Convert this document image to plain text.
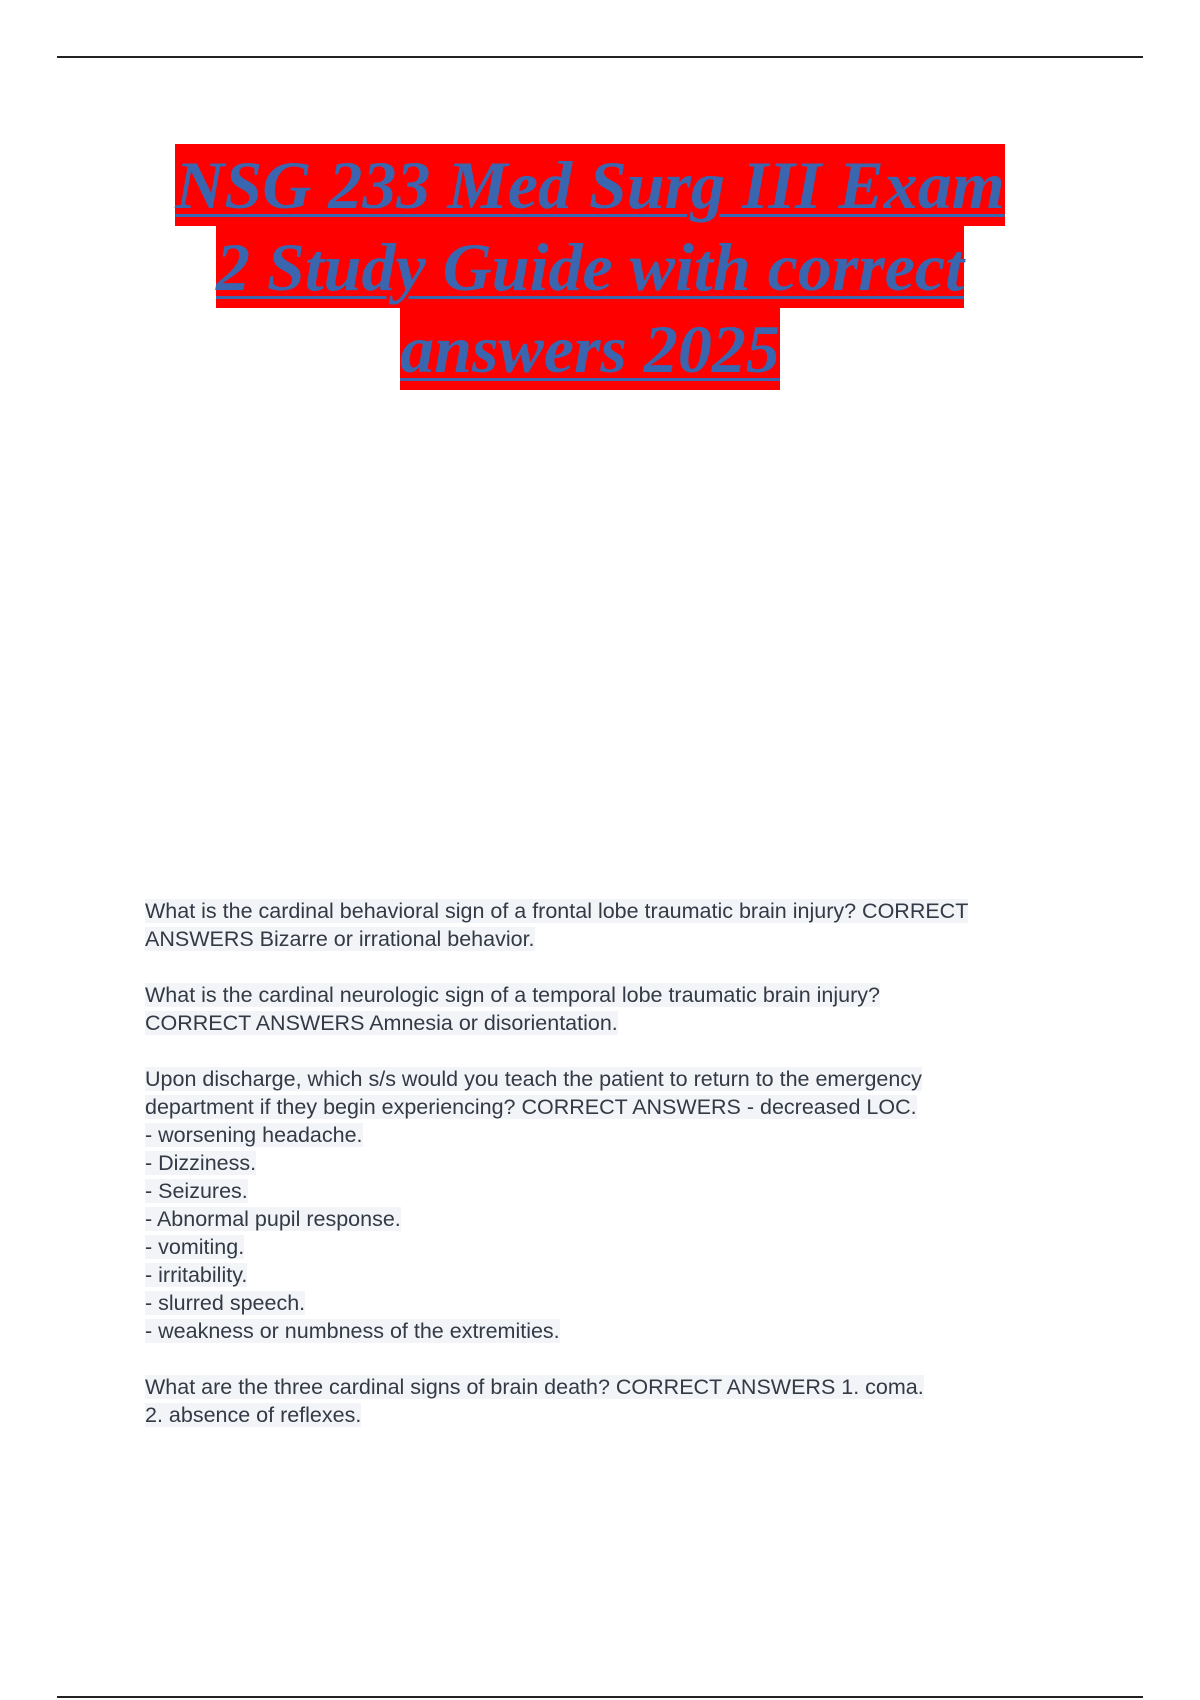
NSG 233 Med Surg III Exam
2 Study Guide with correct
answers 2025
What is the cardinal behavioral sign of a frontal lobe traumatic brain injury? CORRECT
ANSWERS Bizarre or irrational behavior.
What is the cardinal neurologic sign of a temporal lobe traumatic brain injury?
CORRECT ANSWERS Amnesia or disorientation.
Upon discharge, which s/s would you teach the patient to return to the emergency
department if they begin experiencing? CORRECT ANSWERS - decreased LOC.
- worsening headache.
- Dizziness.
- Seizures.
- Abnormal pupil response.
- vomiting.
- irritability.
- slurred speech.
- weakness or numbness of the extremities.
What are the three cardinal signs of brain death? CORRECT ANSWERS 1. coma.
2. absence of reflexes.
